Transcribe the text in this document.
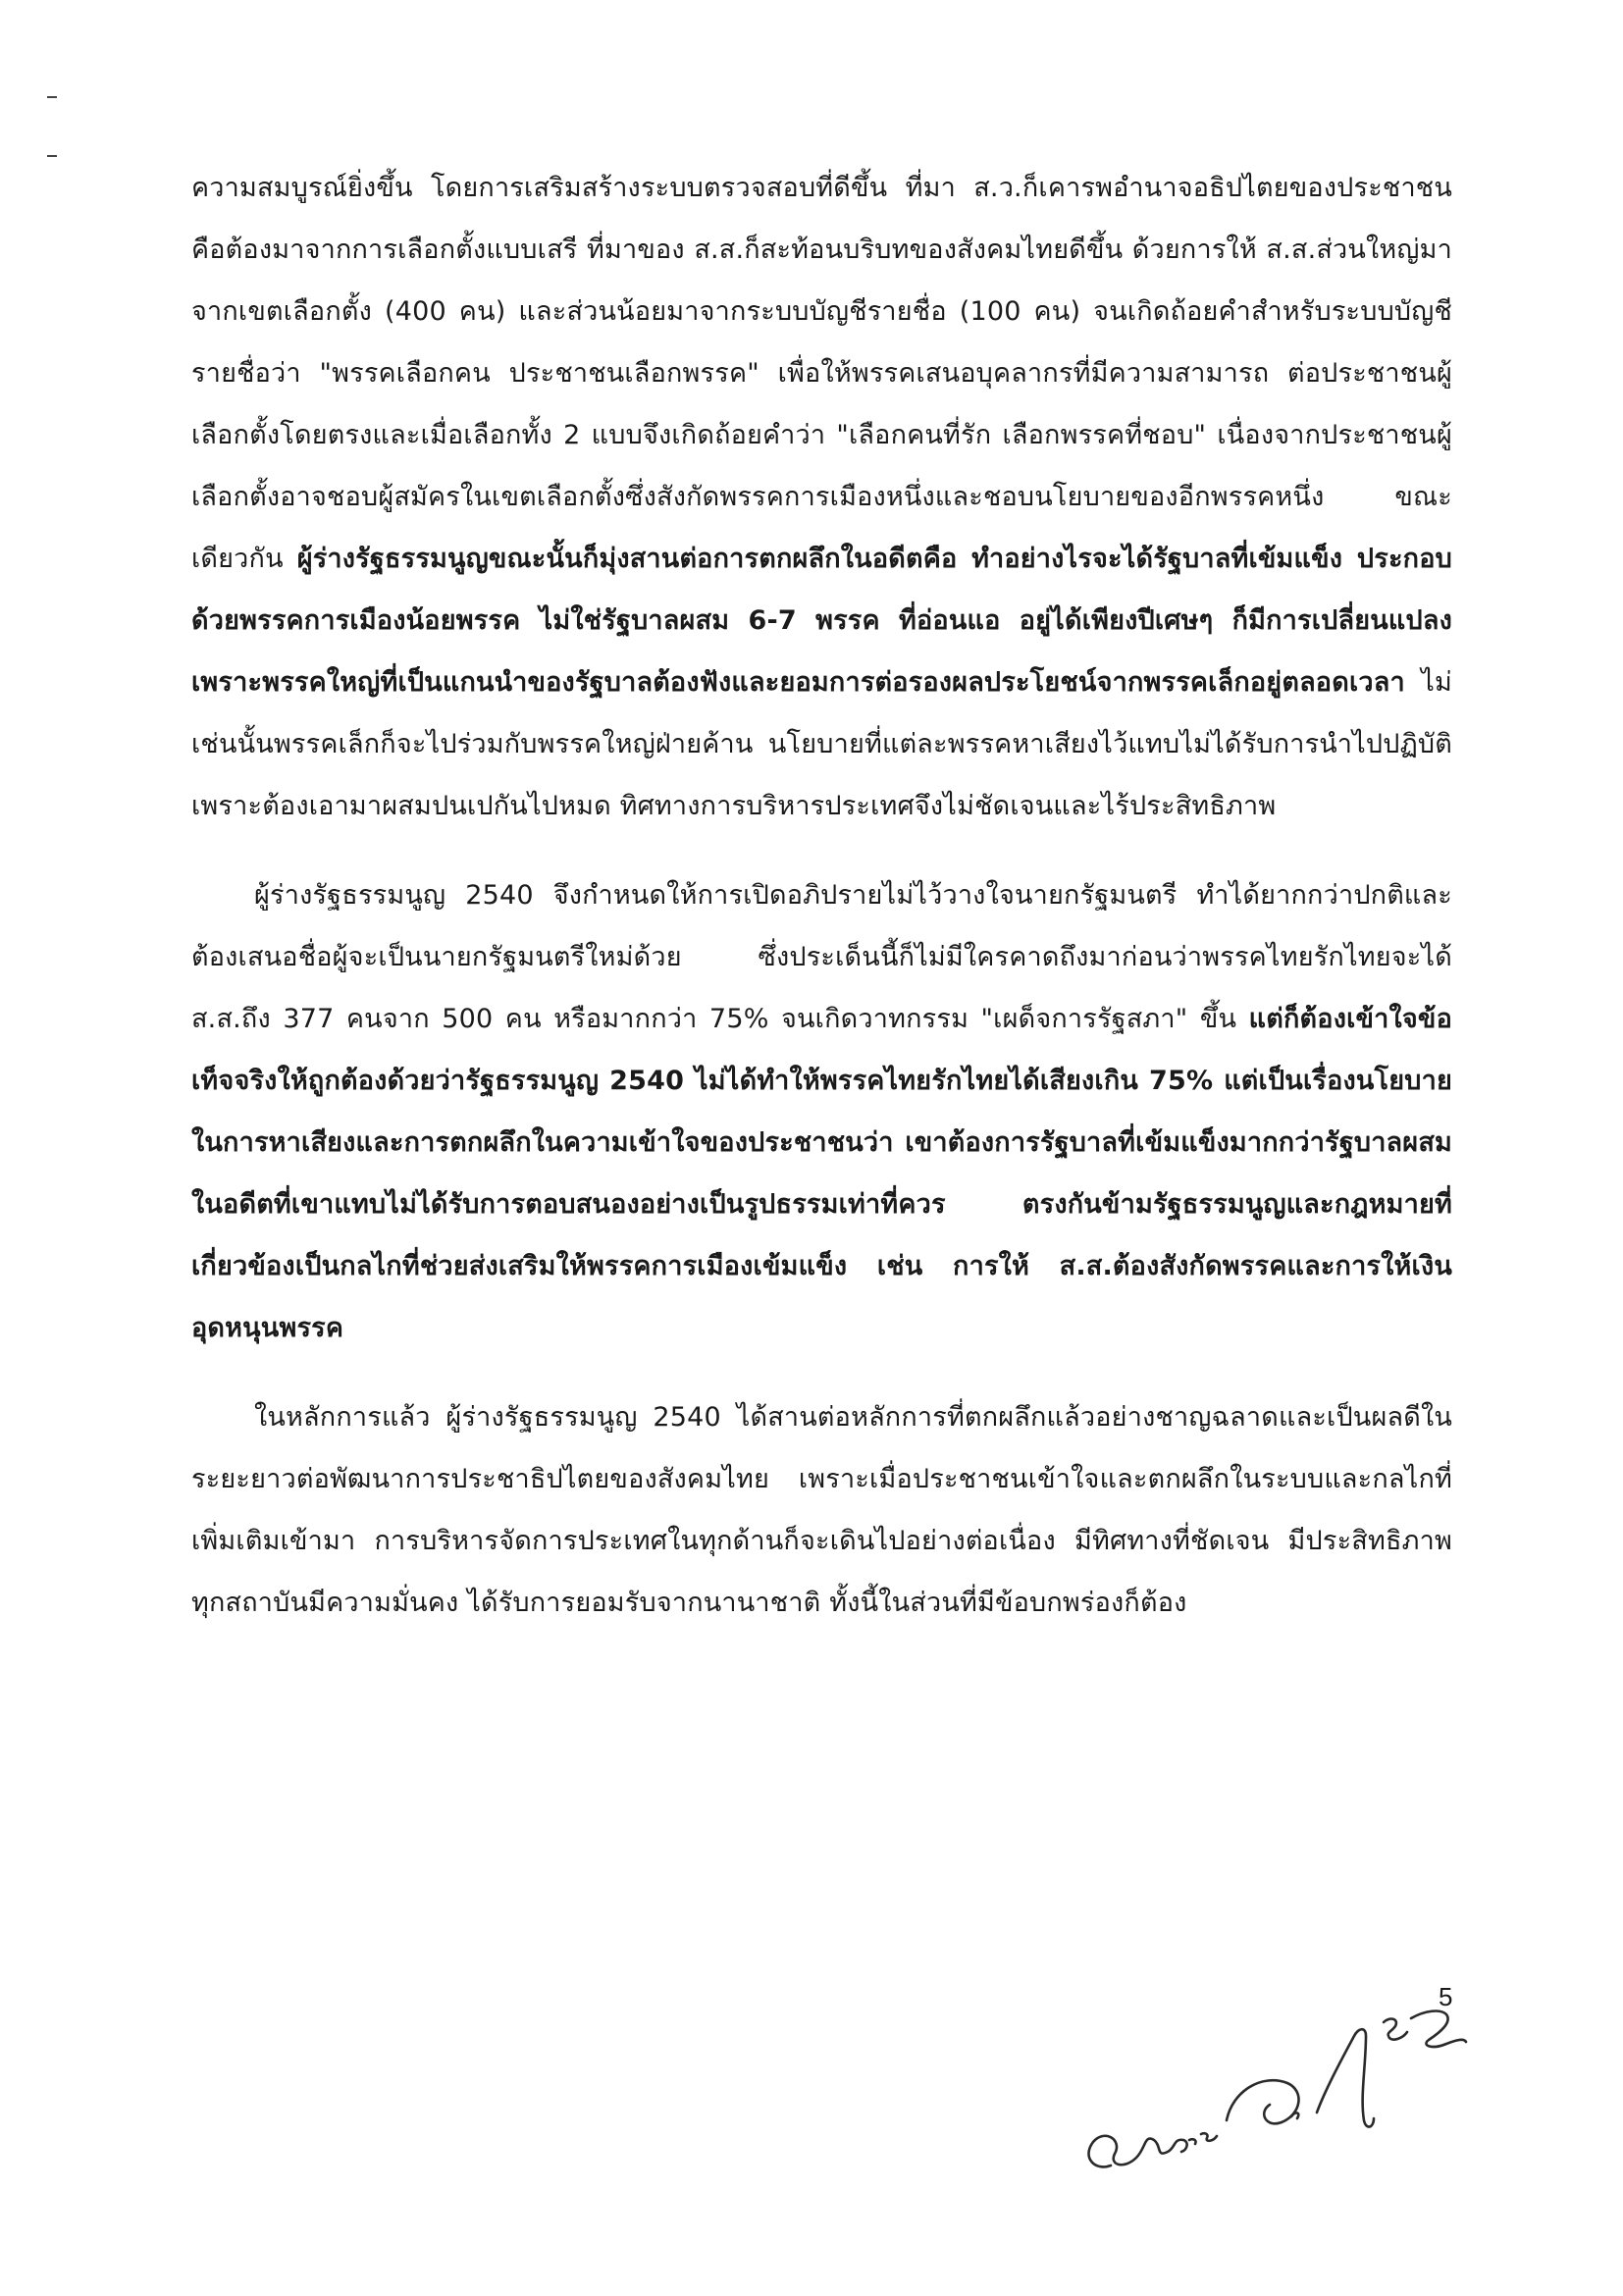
ความสมบูรณ์ยิ่งขึ้น โดยการเสริมสร้างระบบตรวจสอบที่ดีขึ้น ที่มา ส.ว.ก็เคารพอำนาจอธิปไตยของประชาชน คือต้องมาจากการเลือกตั้งแบบเสรี ที่มาของ ส.ส.ก็สะท้อนบริบทของสังคมไทยดีขึ้น ด้วยการให้ ส.ส.ส่วนใหญ่มาจากเขตเลือกตั้ง (400 คน) และส่วนน้อยมาจากระบบบัญชีรายชื่อ (100 คน) จนเกิดถ้อยคำสำหรับระบบบัญชีรายชื่อว่า "พรรคเลือกคน ประชาชนเลือกพรรค" เพื่อให้พรรคเสนอบุคลากรที่มีความสามารถ ต่อประชาชนผู้เลือกตั้งโดยตรงและเมื่อเลือกทั้ง 2 แบบจึงเกิดถ้อยคำว่า "เลือกคนที่รัก เลือกพรรคที่ชอบ" เนื่องจากประชาชนผู้เลือกตั้งอาจชอบผู้สมัครในเขตเลือกตั้งซึ่งสังกัดพรรคการเมืองหนึ่งและชอบนโยบายของอีกพรรคหนึ่ง ขณะเดียวกัน ผู้ร่างรัฐธรรมนูญขณะนั้นก็มุ่งสานต่อการตกผลึกในอดีตคือ ทำอย่างไรจะได้รัฐบาลที่เข้มแข็ง ประกอบด้วยพรรคการเมืองน้อยพรรค ไม่ใช่รัฐบาลผสม 6-7 พรรค ที่อ่อนแอ อยู่ได้เพียงปีเศษๆ ก็มีการเปลี่ยนแปลงเพราะพรรคใหญ่ที่เป็นแกนนำของรัฐบาลต้องฟังและยอมการต่อรองผลประโยชน์จากพรรคเล็กอยู่ตลอดเวลา ไม่เช่นนั้นพรรคเล็กก็จะไปร่วมกับพรรคใหญ่ฝ่ายค้าน นโยบายที่แต่ละพรรคหาเสียงไว้แทบไม่ได้รับการนำไปปฏิบัติ เพราะต้องเอามาผสมปนเปกันไปหมด ทิศทางการบริหารประเทศจึงไม่ชัดเจนและไร้ประสิทธิภาพ

ผู้ร่างรัฐธรรมนูญ 2540 จึงกำหนดให้การเปิดอภิปรายไม่ไว้วางใจนายกรัฐมนตรี ทำได้ยากกว่าปกติและต้องเสนอชื่อผู้จะเป็นนายกรัฐมนตรีใหม่ด้วย ซึ่งประเด็นนี้ก็ไม่มีใครคาดถึงมาก่อนว่าพรรคไทยรักไทยจะได้ ส.ส.ถึง 377 คนจาก 500 คน หรือมากกว่า 75% จนเกิดวาทกรรม "เผด็จการรัฐสภา" ขึ้น แต่ก็ต้องเข้าใจข้อเท็จจริงให้ถูกต้องด้วยว่ารัฐธรรมนูญ 2540 ไม่ได้ทำให้พรรคไทยรักไทยได้เสียงเกิน 75% แต่เป็นเรื่องนโยบายในการหาเสียงและการตกผลึกในความเข้าใจของประชาชนว่า เขาต้องการรัฐบาลที่เข้มแข็งมากกว่ารัฐบาลผสมในอดีตที่เขาแทบไม่ได้รับการตอบสนองอย่างเป็นรูปธรรมเท่าที่ควร ตรงกันข้ามรัฐธรรมนูญและกฎหมายที่เกี่ยวข้องเป็นกลไกที่ช่วยส่งเสริมให้พรรคการเมืองเข้มแข็ง เช่น การให้ ส.ส.ต้องสังกัดพรรคและการให้เงินอุดหนุนพรรค

ในหลักการแล้ว ผู้ร่างรัฐธรรมนูญ 2540 ได้สานต่อหลักการที่ตกผลึกแล้วอย่างชาญฉลาดและเป็นผลดีในระยะยาวต่อพัฒนาการประชาธิปไตยของสังคมไทย เพราะเมื่อประชาชนเข้าใจและตกผลึกในระบบและกลไกที่เพิ่มเติมเข้ามา การบริหารจัดการประเทศในทุกด้านก็จะเดินไปอย่างต่อเนื่อง มีทิศทางที่ชัดเจน มีประสิทธิภาพ ทุกสถาบันมีความมั่นคง ได้รับการยอมรับจากนานาชาติ ทั้งนี้ในส่วนที่มีข้อบกพร่องก็ต้อง

5
